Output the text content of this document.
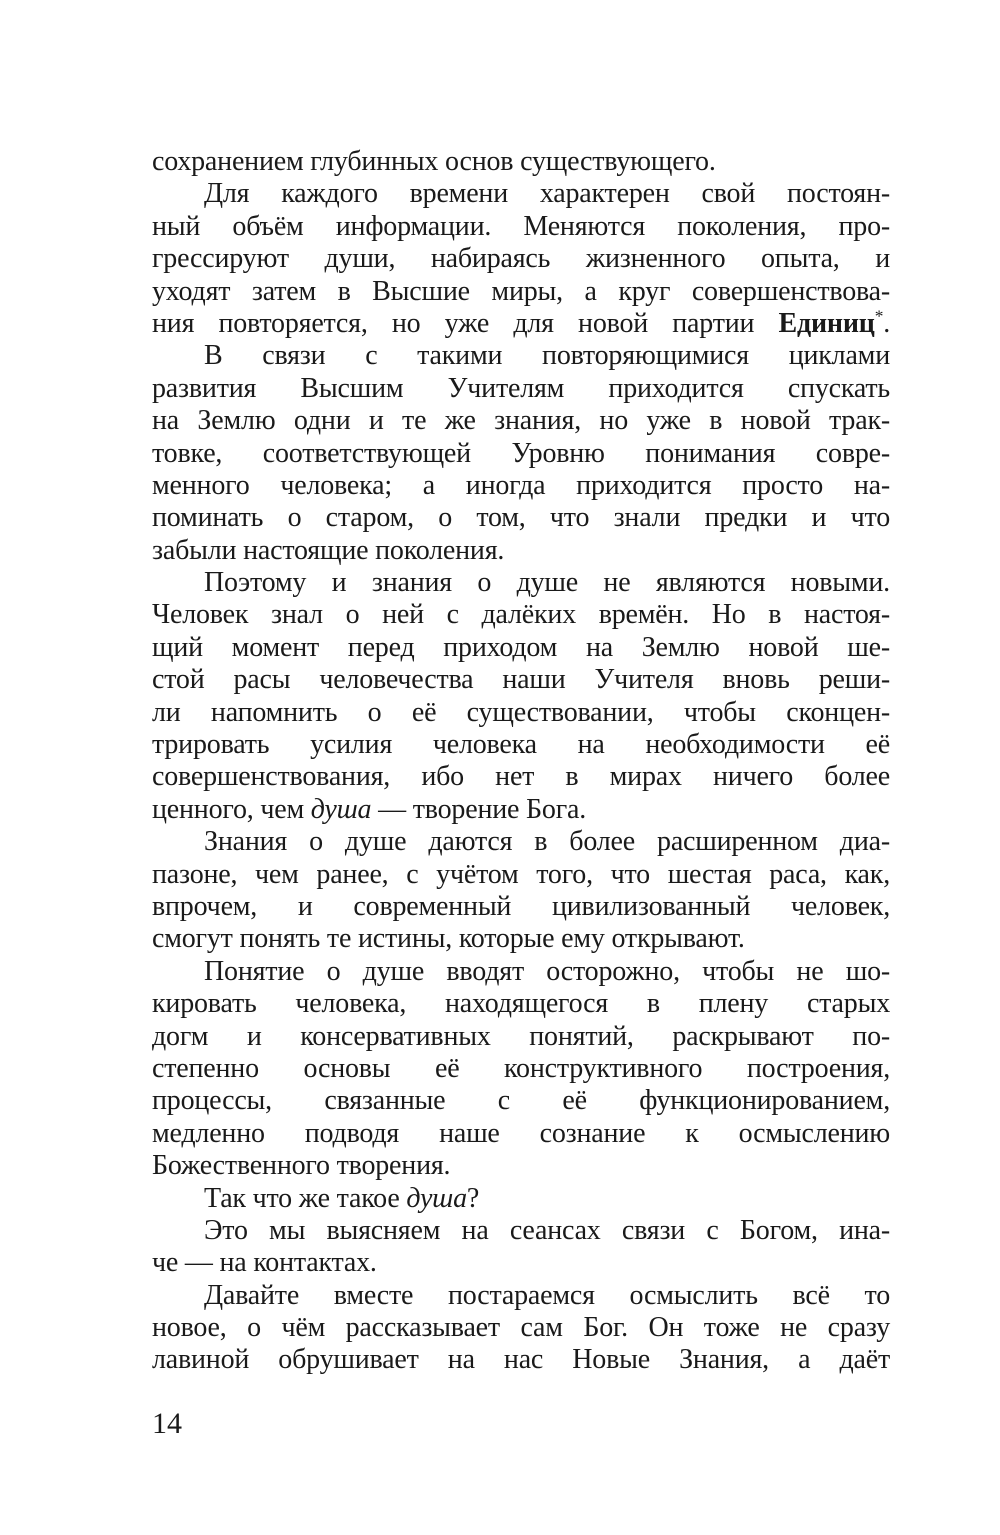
сохранением глубинных основ существующего.
Для каждого времени характерен свой постоян-
ный объём информации. Меняются поколения, про-
грессируют души, набираясь жизненного опыта, и
уходят затем в Высшие миры, а круг совершенствова-
ния повторяется, но уже для новой партии Единиц*.
В связи с такими повторяющимися циклами
развития Высшим Учителям приходится спускать
на Землю одни и те же знания, но уже в новой трак-
товке, соответствующей Уровню понимания совре-
менного человека; а иногда приходится просто на-
поминать о старом, о том, что знали предки и что
забыли настоящие поколения.
Поэтому и знания о душе не являются новыми.
Человек знал о ней с далёких времён. Но в настоя-
щий момент перед приходом на Землю новой ше-
стой расы человечества наши Учителя вновь реши-
ли напомнить о её существовании, чтобы сконцен-
трировать усилия человека на необходимости её
совершенствования, ибо нет в мирах ничего более
ценного, чем душа — творение Бога.
Знания о душе даются в более расширенном диа-
пазоне, чем ранее, с учётом того, что шестая раса, как,
впрочем, и современный цивилизованный человек,
смогут понять те истины, которые ему открывают.
Понятие о душе вводят осторожно, чтобы не шо-
кировать человека, находящегося в плену старых
догм и консервативных понятий, раскрывают по-
степенно основы её конструктивного построения,
процессы, связанные с её функционированием,
медленно подводя наше сознание к осмыслению
Божественного творения.
Так что же такое душа?
Это мы выясняем на сеансах связи с Богом, ина-
че — на контактах.
Давайте вместе постараемся осмыслить всё то
новое, о чём рассказывает сам Бог. Он тоже не сразу
лавиной обрушивает на нас Новые Знания, а даёт
14
